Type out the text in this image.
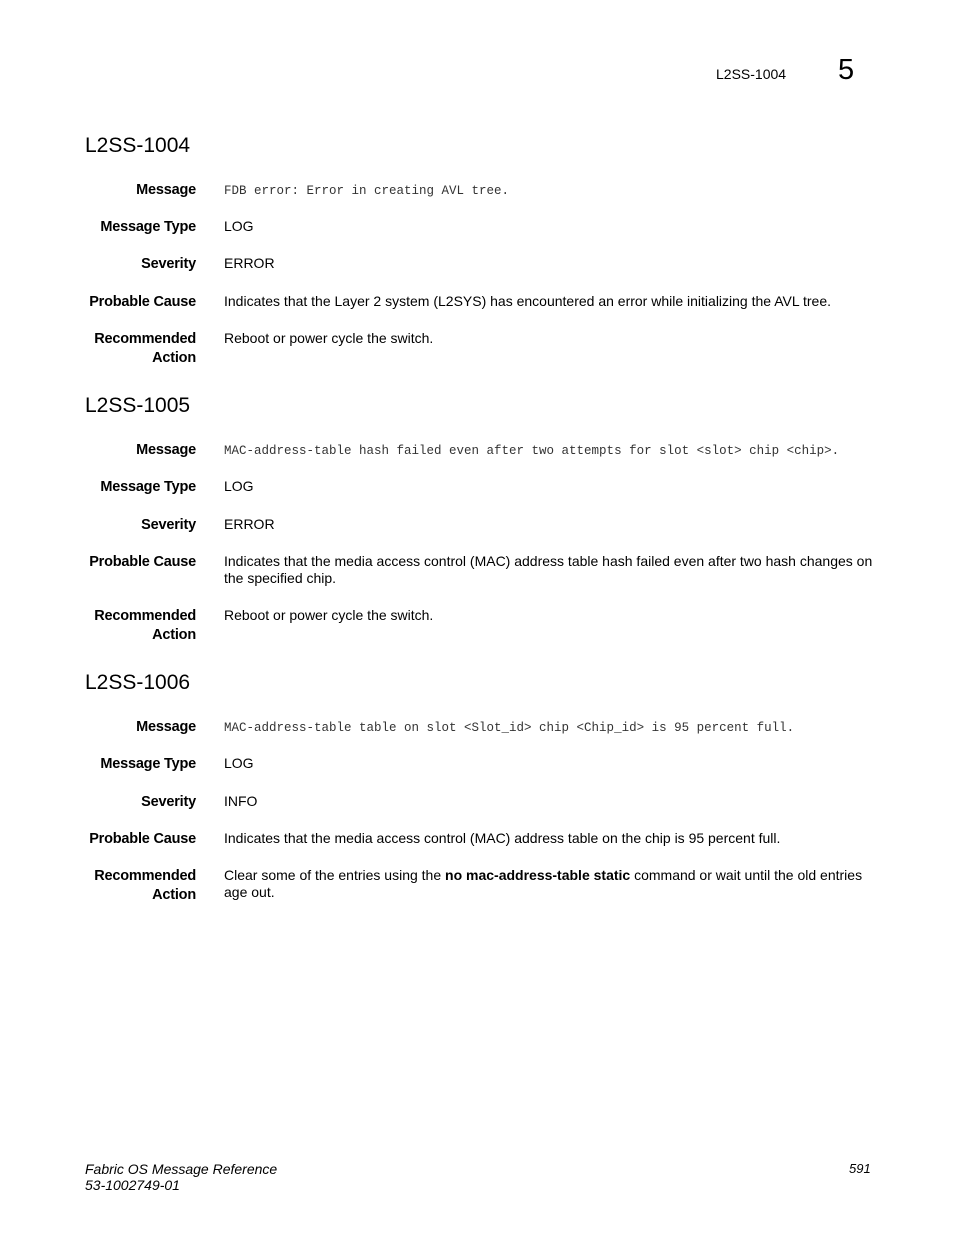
L2SS-1004 5
L2SS-1004
Message FDB error: Error in creating AVL tree.
Message Type LOG
Severity ERROR
Probable Cause Indicates that the Layer 2 system (L2SYS) has encountered an error while initializing the AVL tree.
Recommended
Action
Reboot or power cycle the switch.
L2SS-1005
Message MAC-address-table hash failed even after two attempts for slot <slot> chip <chip>.
Message Type LOG
Severity ERROR
Probable Cause Indicates that the media access control (MAC) address table hash failed even after two hash changes on the specified chip.
Recommended
Action
Reboot or power cycle the switch.
L2SS-1006
Message MAC-address-table table on slot <Slot_id> chip <Chip_id> is 95 percent full.
Message Type LOG
Severity INFO
Probable Cause Indicates that the media access control (MAC) address table on the chip is 95 percent full.
Recommended
Action
Clear some of the entries using the no mac-address-table static command or wait until the old entries age out.
Fabric OS Message Reference
53-1002749-01
591
